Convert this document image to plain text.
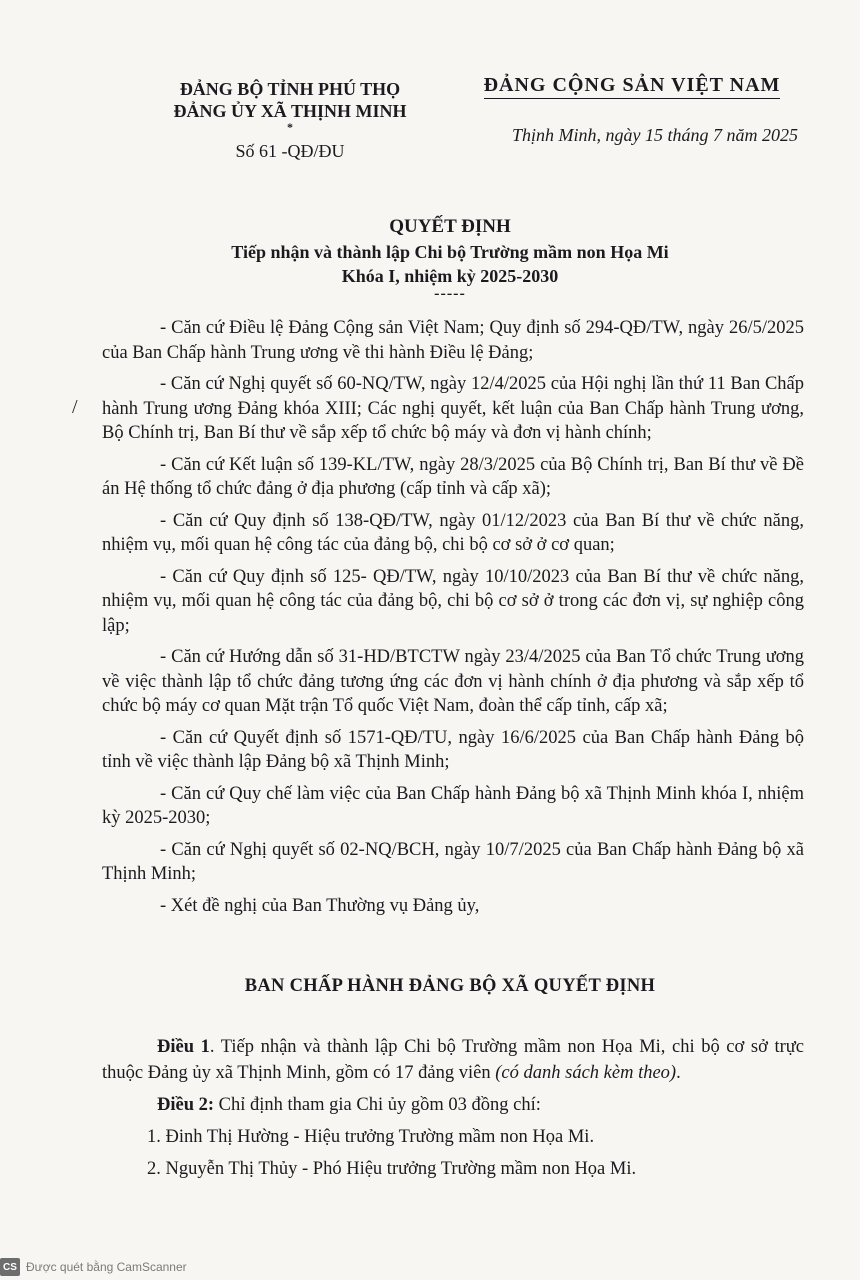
ĐẢNG BỘ TỈNH PHÚ THỌ
ĐẢNG ỦY XÃ THỊNH MINH
*
Số 61 -QĐ/ĐU
ĐẢNG CỘNG SẢN VIỆT NAM
Thịnh Minh, ngày 15 tháng 7 năm 2025
QUYẾT ĐỊNH
Tiếp nhận và thành lập Chi bộ Trường mầm non Họa Mi
Khóa I, nhiệm kỳ 2025-2030
-----
/

- Căn cứ Điều lệ Đảng Cộng sản Việt Nam; Quy định số 294-QĐ/TW, ngày 26/5/2025 của Ban Chấp hành Trung ương về thi hành Điều lệ Đảng;

- Căn cứ Nghị quyết số 60-NQ/TW, ngày 12/4/2025 của Hội nghị lần thứ 11 Ban Chấp hành Trung ương Đảng khóa XIII; Các nghị quyết, kết luận của Ban Chấp hành Trung ương, Bộ Chính trị, Ban Bí thư về sắp xếp tổ chức bộ máy và đơn vị hành chính;

- Căn cứ Kết luận số 139-KL/TW, ngày 28/3/2025 của Bộ Chính trị, Ban Bí thư về Đề án Hệ thống tổ chức đảng ở địa phương (cấp tỉnh và cấp xã);

- Căn cứ Quy định số 138-QĐ/TW, ngày 01/12/2023 của Ban Bí thư về chức năng, nhiệm vụ, mối quan hệ công tác của đảng bộ, chi bộ cơ sở ở cơ quan;

- Căn cứ Quy định số 125- QĐ/TW, ngày 10/10/2023 của Ban Bí thư về chức năng, nhiệm vụ, mối quan hệ công tác của đảng bộ, chi bộ cơ sở ở trong các đơn vị, sự nghiệp công lập;

- Căn cứ Hướng dẫn số 31-HD/BTCTW ngày 23/4/2025 của Ban Tổ chức Trung ương về việc thành lập tổ chức đảng tương ứng các đơn vị hành chính ở địa phương và sắp xếp tổ chức bộ máy cơ quan Mặt trận Tổ quốc Việt Nam, đoàn thể cấp tỉnh, cấp xã;

- Căn cứ Quyết định số 1571-QĐ/TU, ngày 16/6/2025 của Ban Chấp hành Đảng bộ tỉnh về việc thành lập Đảng bộ xã Thịnh Minh;

- Căn cứ Quy chế làm việc của Ban Chấp hành Đảng bộ xã Thịnh Minh khóa I, nhiệm kỳ 2025-2030;

- Căn cứ Nghị quyết số 02-NQ/BCH, ngày 10/7/2025 của Ban Chấp hành Đảng bộ xã Thịnh Minh;

- Xét đề nghị của Ban Thường vụ Đảng ủy,

BAN CHẤP HÀNH ĐẢNG BỘ XÃ QUYẾT ĐỊNH

Điều 1. Tiếp nhận và thành lập Chi bộ Trường mầm non Họa Mi, chi bộ cơ sở trực thuộc Đảng ủy xã Thịnh Minh, gồm có 17 đảng viên (có danh sách kèm theo).

Điều 2: Chỉ định tham gia Chi ủy gồm 03 đồng chí:

1. Đinh Thị Hường - Hiệu trưởng Trường mầm non Họa Mi.

2. Nguyễn Thị Thủy - Phó Hiệu trưởng Trường mầm non Họa Mi.

CS Được quét bằng CamScanner
